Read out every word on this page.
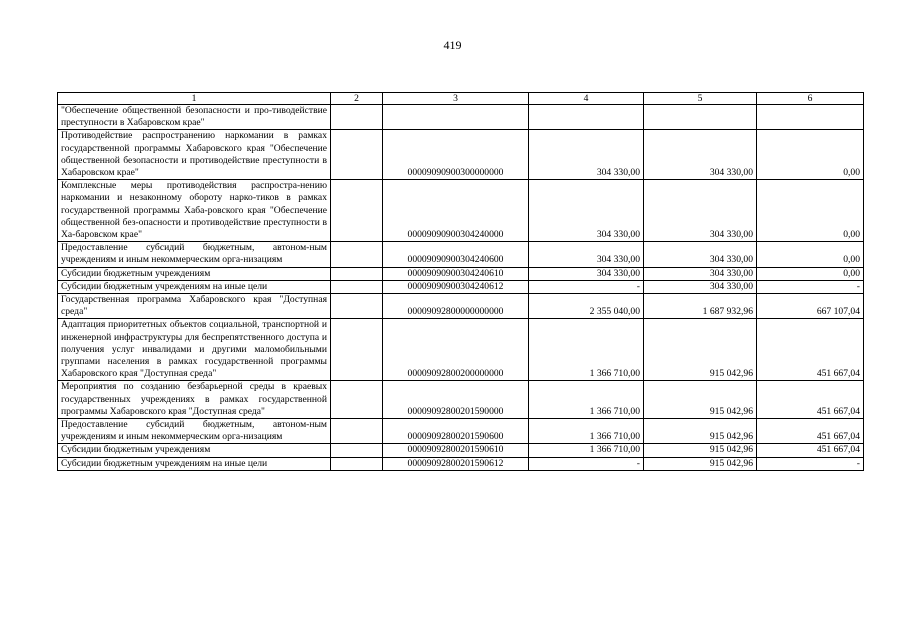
419
1	2	3	4	5	6
"Обеспечение общественной безопасности и про-тиводействие преступности в Хабаровском крае"					
Противодействие распространению наркомании в рамках государственной программы Хабаровского края "Обеспечение общественной безопасности и противодействие преступности в Хабаровском крае"		00009090900300000000	304 330,00	304 330,00	0,00
Комплексные меры противодействия распростра-нению наркомании и незаконному обороту нарко-тиков в рамках государственной программы Хаба-ровского края "Обеспечение общественной без-опасности и противодействие преступности в Ха-баровском крае"		00009090900304240000	304 330,00	304 330,00	0,00
Предоставление субсидий бюджетным, автоном-ным учреждениям и иным некоммерческим орга-низациям		00009090900304240600	304 330,00	304 330,00	0,00
Субсидии бюджетным учреждениям		00009090900304240610	304 330,00	304 330,00	0,00
Субсидии бюджетным учреждениям на иные цели		00009090900304240612	-	304 330,00	-
Государственная программа Хабаровского края "Доступная среда"		00009092800000000000	2 355 040,00	1 687 932,96	667 107,04
Адаптация приоритетных объектов социальной, транспортной и инженерной инфраструктуры для беспрепятственного доступа и получения услуг инвалидами и другими маломобильными группами населения в рамках государственной программы Хабаровского края "Доступная среда"		00009092800200000000	1 366 710,00	915 042,96	451 667,04
Мероприятия по созданию безбарьерной среды в краевых государственных учреждениях в рамках государственной программы Хабаровского края "Доступная среда"		00009092800201590000	1 366 710,00	915 042,96	451 667,04
Предоставление субсидий бюджетным, автоном-ным учреждениям и иным некоммерческим орга-низациям		00009092800201590600	1 366 710,00	915 042,96	451 667,04
Субсидии бюджетным учреждениям		00009092800201590610	1 366 710,00	915 042,96	451 667,04
Субсидии бюджетным учреждениям на иные цели		00009092800201590612	-	915 042,96	-
